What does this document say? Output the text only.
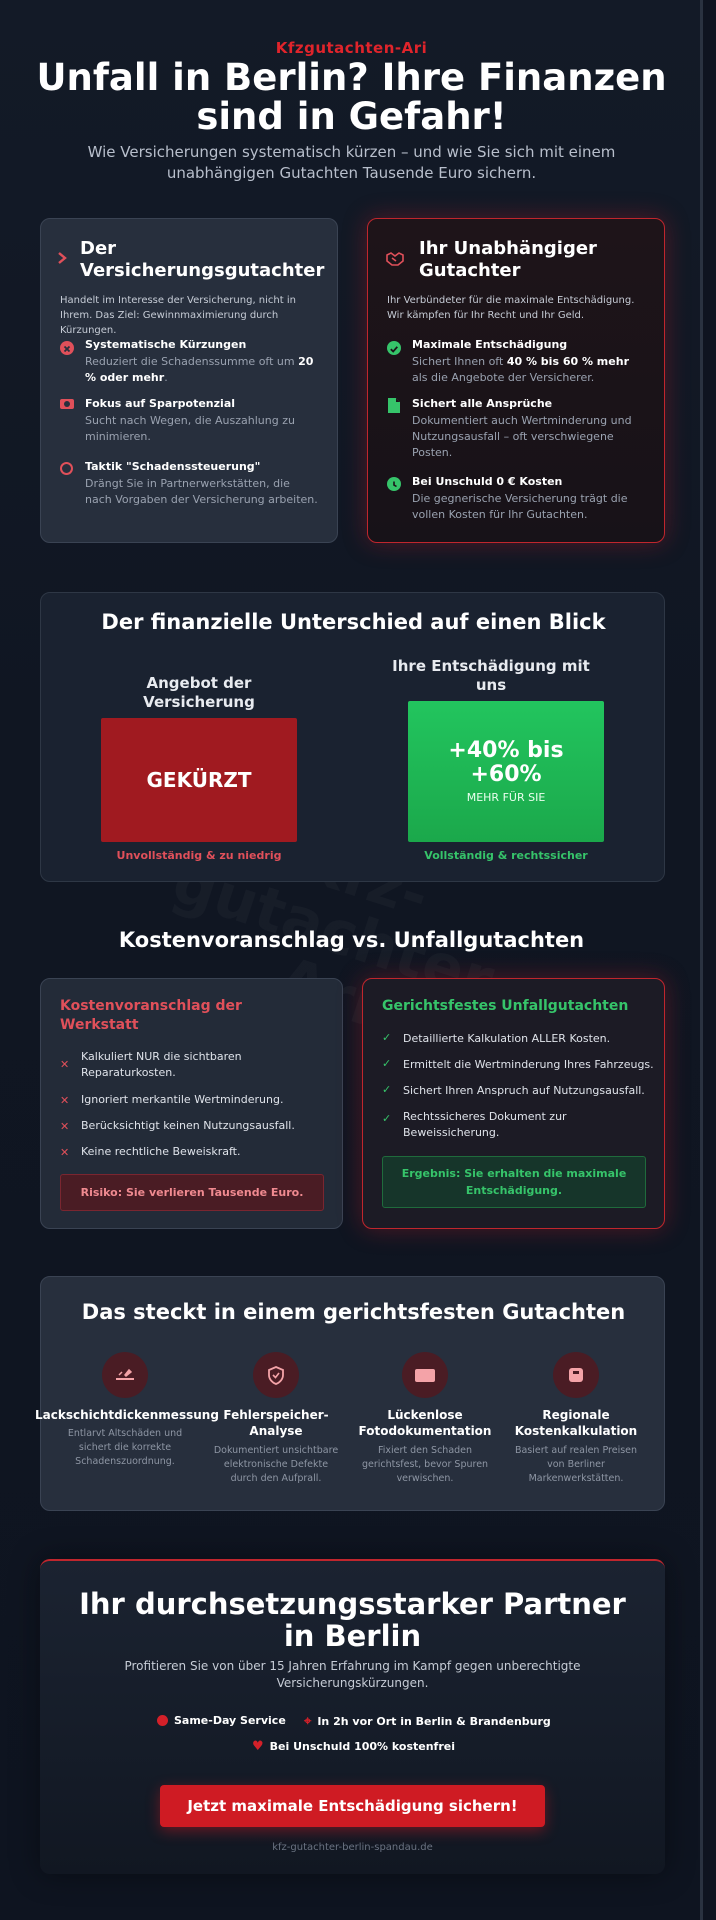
Kfzgutachten-Ari
Unfall in Berlin? Ihre Finanzen sind in Gefahr!
Wie Versicherungen systematisch kürzen – und wie Sie sich mit einem unabhängigen Gutachten Tausende Euro sichern.
Der Versicherungsgutachter
Handelt im Interesse der Versicherung, nicht in Ihrem. Das Ziel: Gewinnmaximierung durch Kürzungen.
Systematische Kürzungen
Reduziert die Schadenssumme oft um 20 % oder mehr.
Fokus auf Sparpotenzial
Sucht nach Wegen, die Auszahlung zu minimieren.
Taktik "Schadenssteuerung"
Drängt Sie in Partnerwerkstätten, die nach Vorgaben der Versicherung arbeiten.
Ihr Unabhängiger Gutachter
Ihr Verbündeter für die maximale Entschädigung. Wir kämpfen für Ihr Recht und Ihr Geld.
Maximale Entschädigung
Sichert Ihnen oft 40 % bis 60 % mehr als die Angebote der Versicherer.
Sichert alle Ansprüche
Dokumentiert auch Wertminderung und Nutzungsausfall – oft verschwiegene Posten.
Bei Unschuld 0 € Kosten
Die gegnerische Versicherung trägt die vollen Kosten für Ihr Gutachten.
Der finanzielle Unterschied auf einen Blick
Angebot der Versicherung
GEKÜRZT
Unvollständig & zu niedrig
Ihre Entschädigung mit uns
+40% bis +60%
MEHR FÜR SIE
Vollständig & rechtssicher
Kostenvoranschlag vs. Unfallgutachten
Kostenvoranschlag der Werkstatt
✕
Kalkuliert NUR die sichtbaren Reparaturkosten.
✕ Ignoriert merkantile Wertminderung.
✕ Berücksichtigt keinen Nutzungsausfall.
✕ Keine rechtliche Beweiskraft.
Risiko: Sie verlieren Tausende Euro.
Gerichtsfestes Unfallgutachten
✓ Detaillierte Kalkulation ALLER Kosten.
✓ Ermittelt die Wertminderung Ihres Fahrzeugs.
✓ Sichert Ihren Anspruch auf Nutzungsausfall.
✓ Rechtssicheres Dokument zur Beweissicherung.
Ergebnis: Sie erhalten die maximale Entschädigung.
Das steckt in einem gerichtsfesten Gutachten
Lackschichtdickenmessung
Entlarvt Altschäden und sichert die korrekte Schadenszuordnung.
Fehlerspeicher-Analyse
Dokumentiert unsichtbare elektronische Defekte durch den Aufprall.
Lückenlose Fotodokumentation
Fixiert den Schaden gerichtsfest, bevor Spuren verwischen.
Regionale Kostenkalkulation
Basiert auf realen Preisen von Berliner Markenwerkstätten.
Ihr durchsetzungsstarker Partner in Berlin
Profitieren Sie von über 15 Jahren Erfahrung im Kampf gegen unberechtigte Versicherungskürzungen.
Same-Day Service ⌖ In 2h vor Ort in Berlin & Brandenburg
♥ Bei Unschuld 100% kostenfrei
Jetzt maximale Entschädigung sichern!
kfz-gutachter-berlin-spandau.de
